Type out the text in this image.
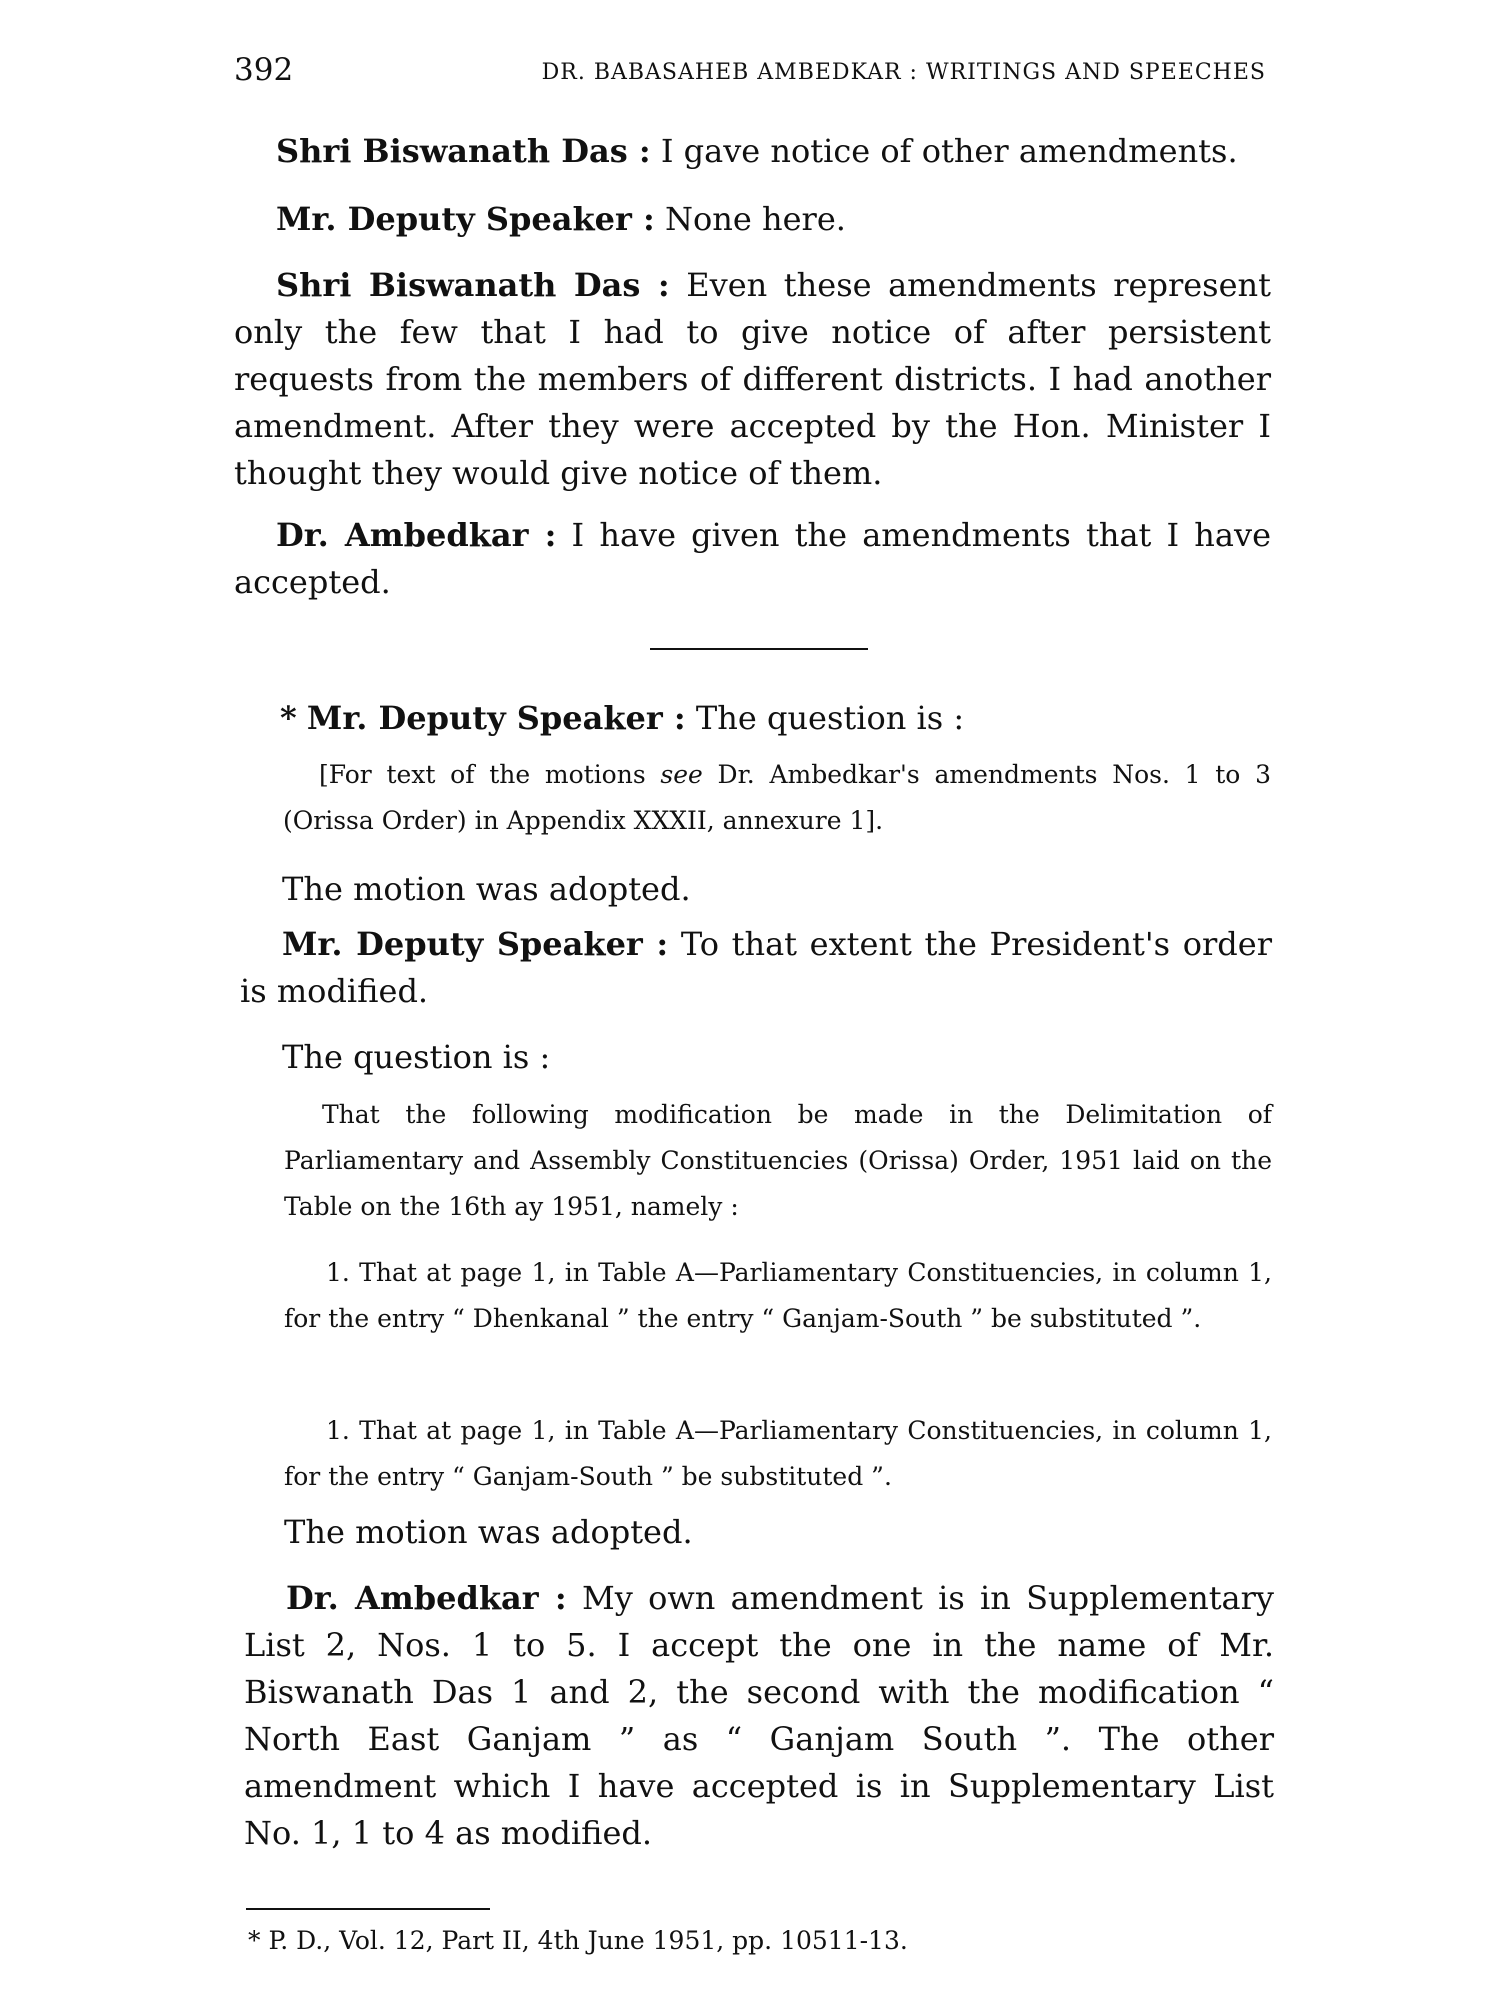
392	DR. BABASAHEB AMBEDKAR : WRITINGS AND SPEECHES

Shri Biswanath Das : I gave notice of other amendments.

Mr. Deputy Speaker : None here.

Shri Biswanath Das : Even these amendments represent only the few that I had to give notice of after persistent requests from the members of different districts. I had another amendment. After they were accepted by the Hon. Minister I thought they would give notice of them.

Dr. Ambedkar : I have given the amendments that I have accepted.

* Mr. Deputy Speaker : The question is :

[For text of the motions see Dr. Ambedkar's amendments Nos. 1 to 3 (Orissa Order) in Appendix XXXII, annexure 1].

The motion was adopted.

Mr. Deputy Speaker : To that extent the President's order is modified.

The question is :

That the following modification be made in the Delimitation of Parliamentary and Assembly Constituencies (Orissa) Order, 1951 laid on the Table on the 16th ay 1951, namely :

1. That at page 1, in Table A—Parliamentary Constituencies, in column 1, for the entry “ Dhenkanal ” the entry “ Ganjam-South ” be substituted ”.

1. That at page 1, in Table A—Parliamentary Constituencies, in column 1, for the entry “ Ganjam-South ” be substituted ”.

The motion was adopted.

Dr. Ambedkar : My own amendment is in Supplementary List 2, Nos. 1 to 5. I accept the one in the name of Mr. Biswanath Das 1 and 2, the second with the modification “ North East Ganjam ” as “ Ganjam South ”. The other amendment which I have accepted is in Supplementary List No. 1, 1 to 4 as modified.

* P. D., Vol. 12, Part II, 4th June 1951, pp. 10511-13.
